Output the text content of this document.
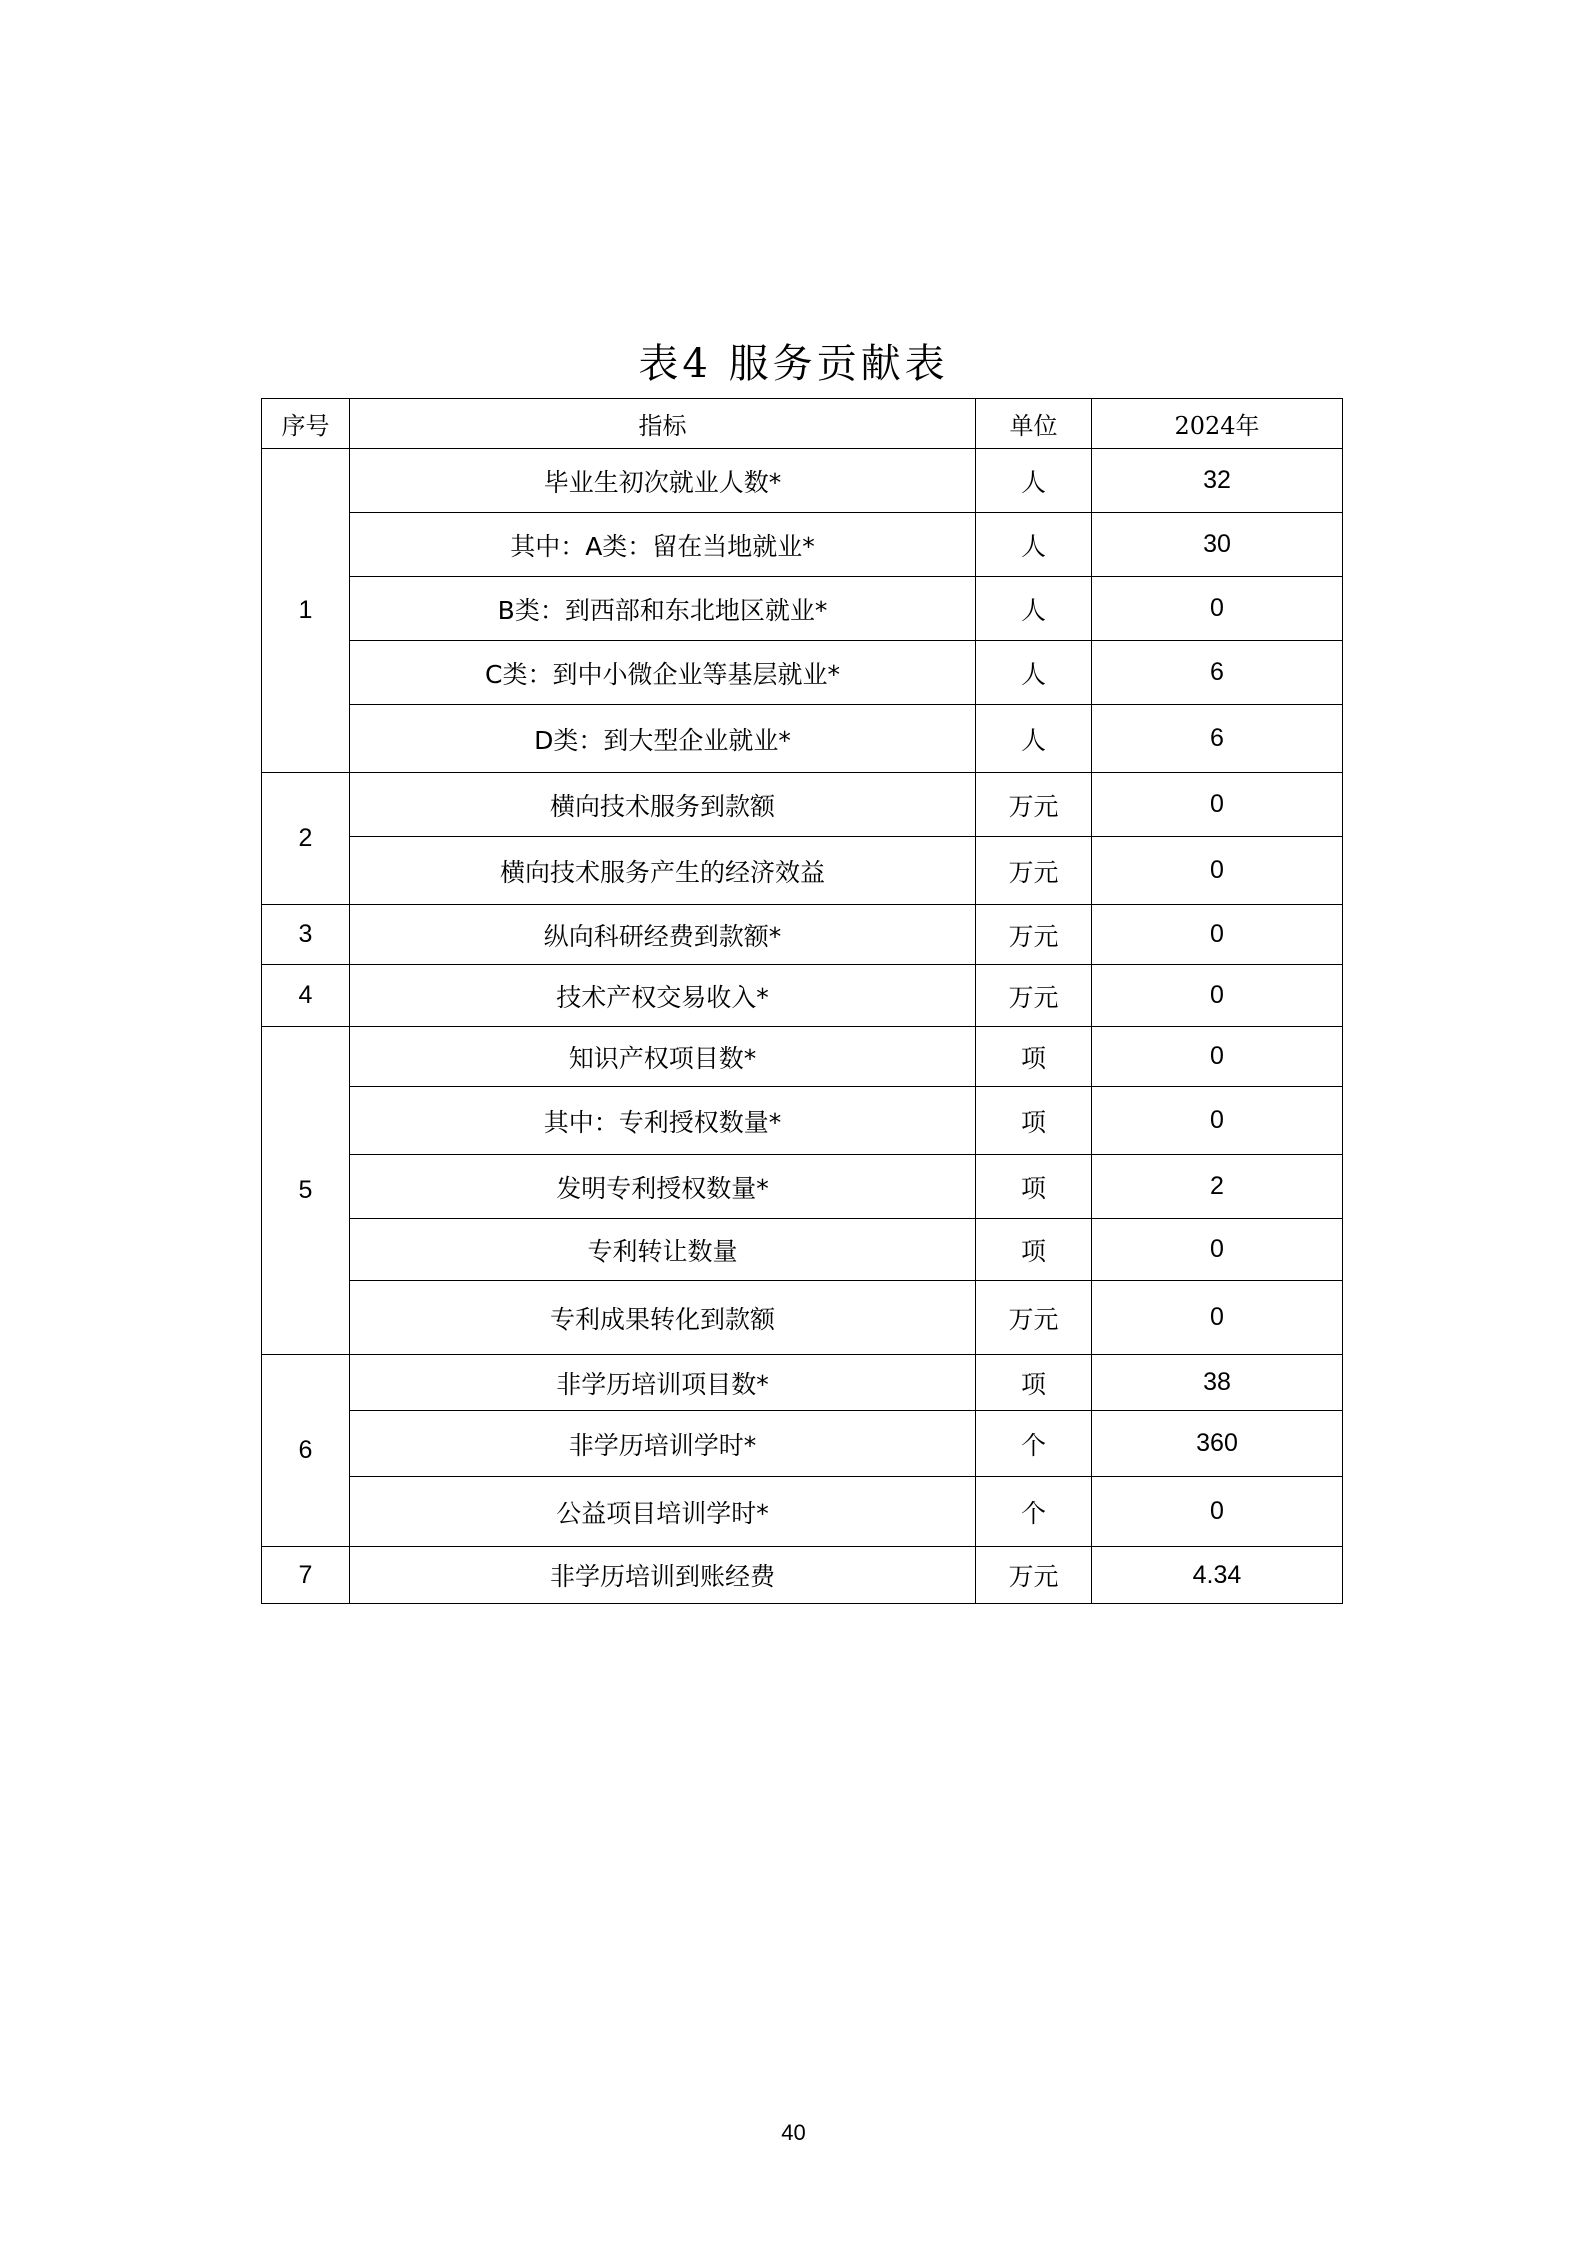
表4 服务贡献表
序号	指标	单位	2024年
1	毕业生初次就业人数*	人	32
	其中：A类：留在当地就业*	人	30
	B类：到西部和东北地区就业*	人	0
	C类：到中小微企业等基层就业*	人	6
	D类：到大型企业就业*	人	6
2	横向技术服务到款额	万元	0
	横向技术服务产生的经济效益	万元	0
3	纵向科研经费到款额*	万元	0
4	技术产权交易收入*	万元	0
5	知识产权项目数*	项	0
	其中：专利授权数量*	项	0
	发明专利授权数量*	项	2
	专利转让数量	项	0
	专利成果转化到款额	万元	0
6	非学历培训项目数*	项	38
	非学历培训学时*	个	360
	公益项目培训学时*	个	0
7	非学历培训到账经费	万元	4.34
40
